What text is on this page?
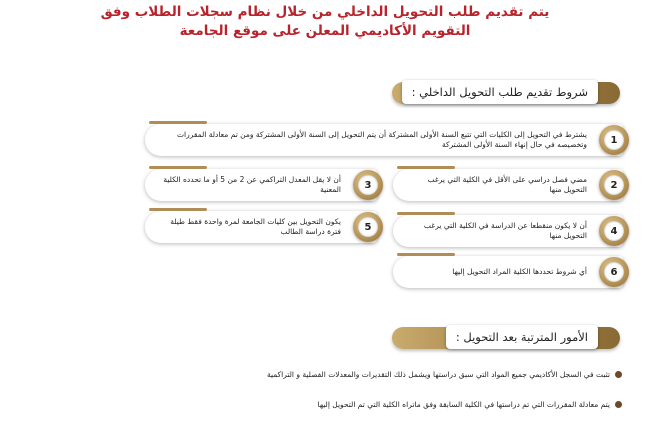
يتم تقديم طلب التحويل الداخلي من خلال نظام سجلات الطلاب وفق
التقويم الأكاديمي المعلن على موقع الجامعة
شروط تقديم طلب التحويل الداخلي :
يشترط في التحويل إلى الكليات التي تتبع السنة الأولى المشتركة أن يتم التحويل إلى السنة الأولى المشتركة ومن تم معادلة المقررات وتخصيصه في حال إنهاء السنة الأولى المشتركة	1
أن لا يقل المعدل التراكمي عن 2 من 5 أو ما تحدده الكلية المعنية	3	مضي فصل دراسي على الأقل في الكلية التي يرغب التحويل منها	2
يكون التحويل بين كليات الجامعة لمرة واحدة فقط طيلة فترة دراسة الطالب	5	أن لا يكون منقطعا عن الدراسة في الكلية التي يرغب التحويل منها	4
أي شروط تحددها الكلية المراد التحويل إليها	6
الأمور المترتبة بعد التحويل :
تثبت في السجل الأكاديمي جميع المواد التي سبق دراستها ويشمل ذلك التقديرات والمعدلات الفصلية و التراكمية
يتم معادلة المقررات التي تم دراستها في الكلية السابقة وفق ماتراه الكلية التي تم التحويل إليها
